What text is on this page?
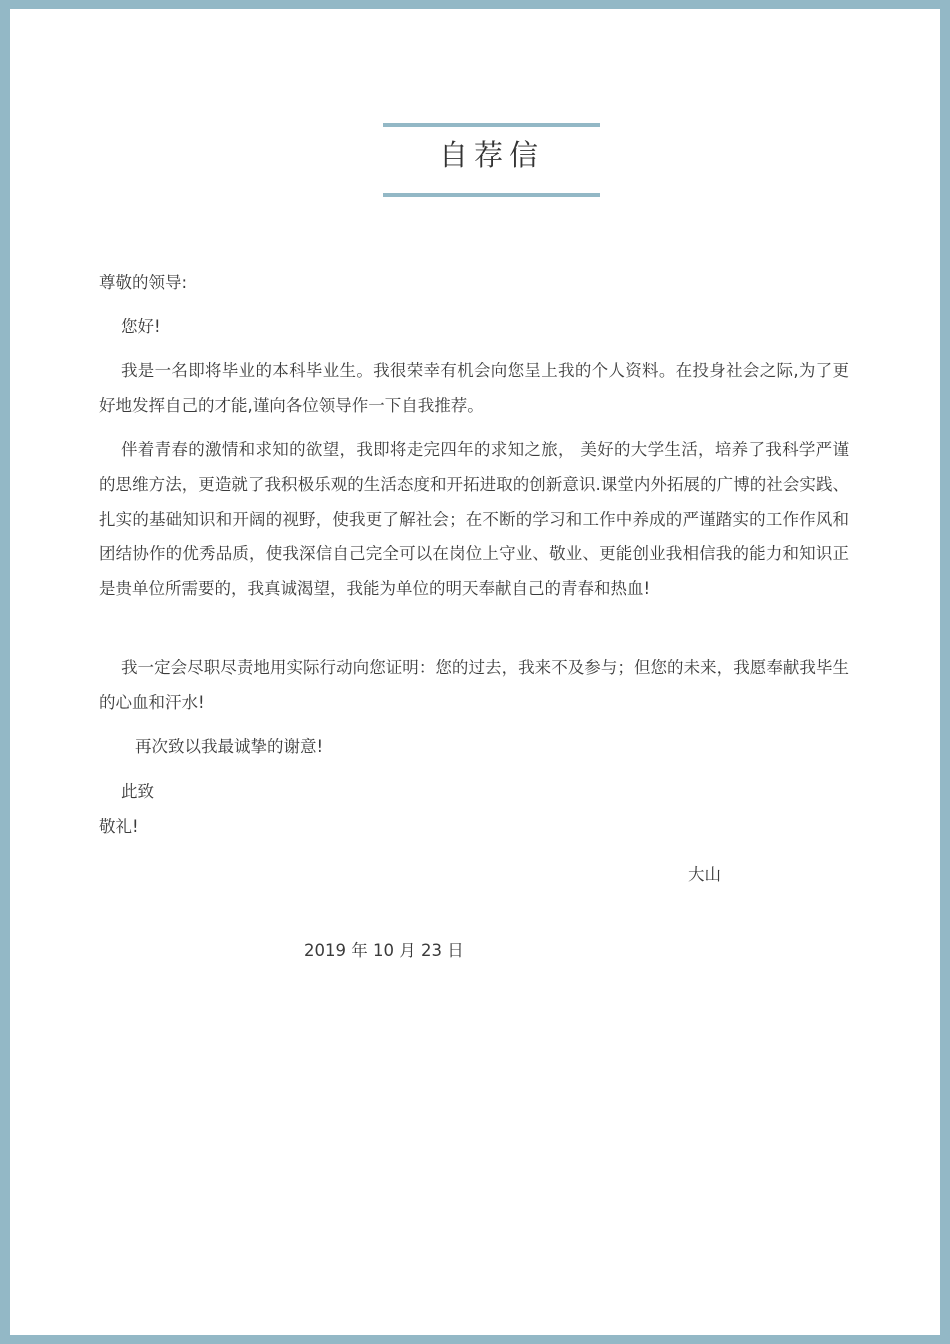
自荐信
尊敬的领导:
您好!

我是一名即将毕业的本科毕业生。我很荣幸有机会向您呈上我的个人资料。在投身社会之际,为了更好地发挥自己的才能,谨向各位领导作一下自我推荐。

伴着青春的激情和求知的欲望，我即将走完四年的求知之旅， 美好的大学生活，培养了我科学严谨的思维方法，更造就了我积极乐观的生活态度和开拓进取的创新意识.课堂内外拓展的广博的社会实践、扎实的基础知识和开阔的视野，使我更了解社会；在不断的学习和工作中养成的严谨踏实的工作作风和团结协作的优秀品质，使我深信自己完全可以在岗位上守业、敬业、更能创业我相信我的能力和知识正是贵单位所需要的，我真诚渴望，我能为单位的明天奉献自己的青春和热血!

我一定会尽职尽责地用实际行动向您证明：您的过去，我来不及参与；但您的未来，我愿奉献我毕生的心血和汗水!

再次致以我最诚挚的谢意!
此致
敬礼!
大山
2019 年 10 月 23 日
